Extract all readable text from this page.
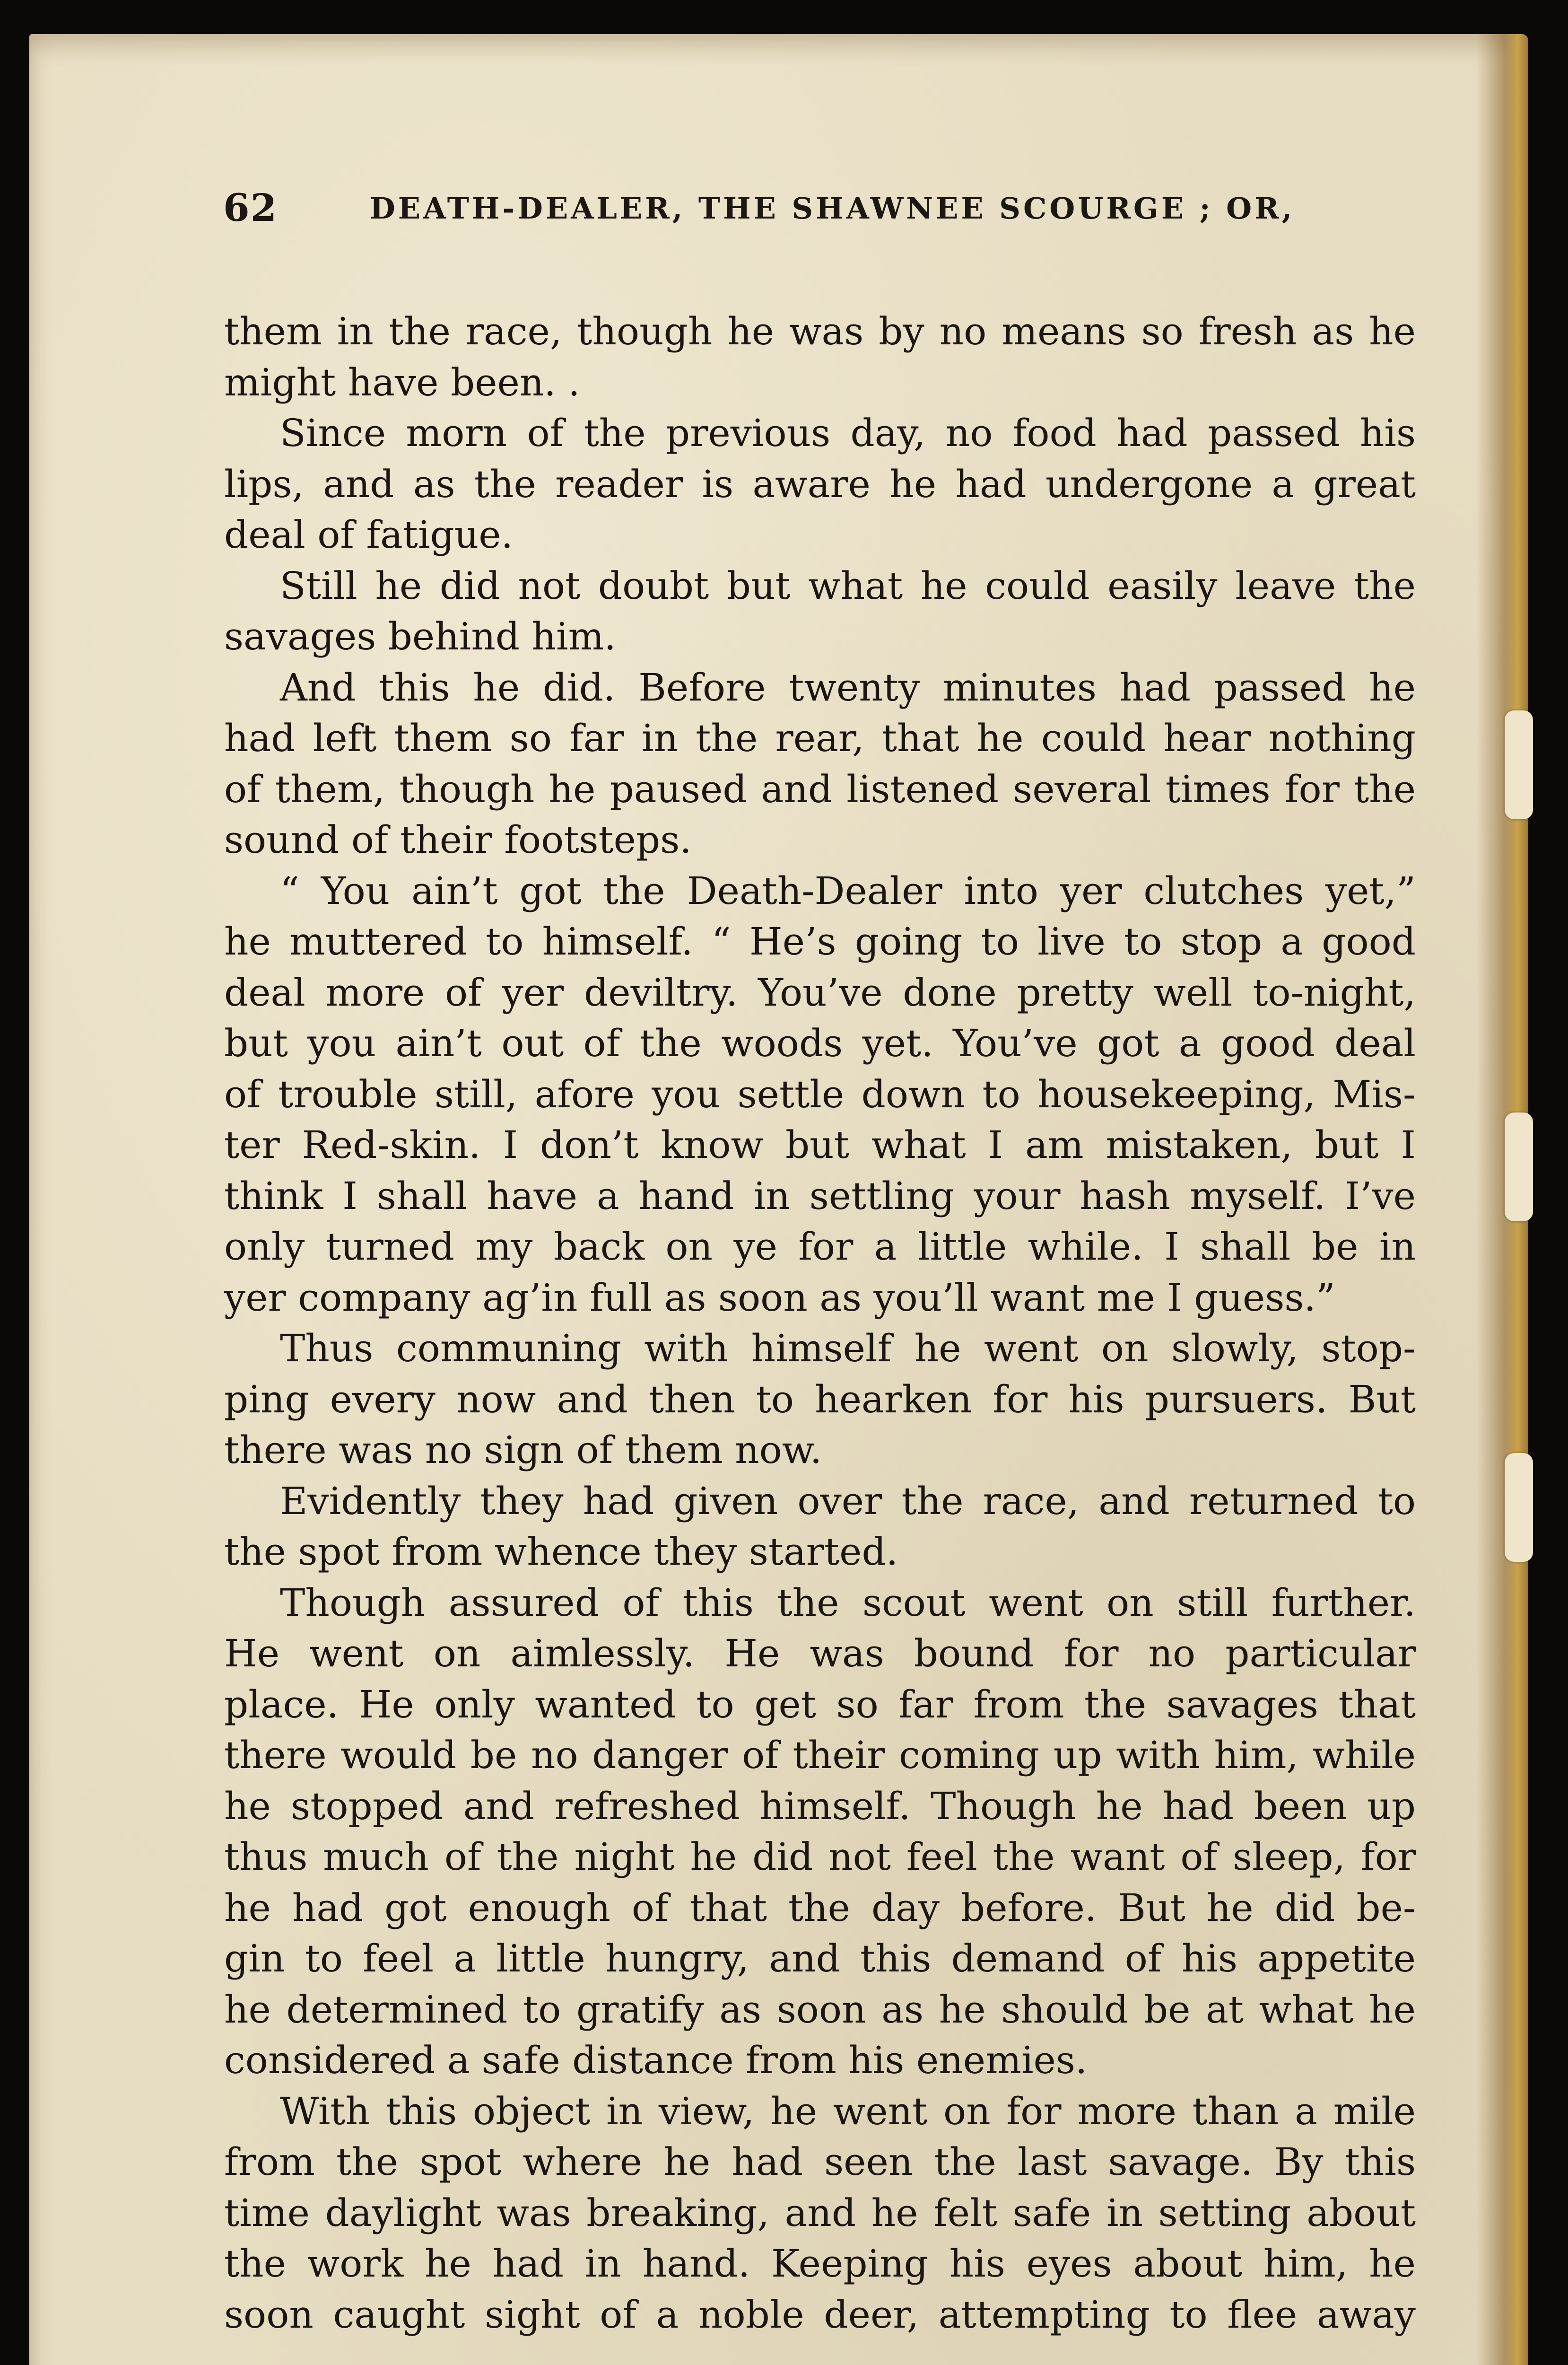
62	DEATH-DEALER, THE SHAWNEE SCOURGE ; OR,
them in the race, though he was by no means so fresh as he
might have been. .
Since morn of the previous day, no food had passed his
lips, and as the reader is aware he had undergone a great
deal of fatigue.
Still he did not doubt but what he could easily leave the
savages behind him.
And this he did. Before twenty minutes had passed he
had left them so far in the rear, that he could hear nothing
of them, though he paused and listened several times for the
sound of their footsteps.
“ You ain’t got the Death-Dealer into yer clutches yet,”
he muttered to himself. “ He’s going to live to stop a good
deal more of yer deviltry. You’ve done pretty well to-night,
but you ain’t out of the woods yet. You’ve got a good deal
of trouble still, afore you settle down to housekeeping, Mis-
ter Red-skin. I don’t know but what I am mistaken, but I
think I shall have a hand in settling your hash myself. I’ve
only turned my back on ye for a little while. I shall be in
yer company ag’in full as soon as you’ll want me I guess.”
Thus communing with himself he went on slowly, stop-
ping every now and then to hearken for his pursuers. But
there was no sign of them now.
Evidently they had given over the race, and returned to
the spot from whence they started.
Though assured of this the scout went on still further.
He went on aimlessly. He was bound for no particular
place. He only wanted to get so far from the savages that
there would be no danger of their coming up with him, while
he stopped and refreshed himself. Though he had been up
thus much of the night he did not feel the want of sleep, for
he had got enough of that the day before. But he did be-
gin to feel a little hungry, and this demand of his appetite
he determined to gratify as soon as he should be at what he
considered a safe distance from his enemies.
With this object in view, he went on for more than a mile
from the spot where he had seen the last savage. By this
time daylight was breaking, and he felt safe in setting about
the work he had in hand. Keeping his eyes about him, he
soon caught sight of a noble deer, attempting to flee away
